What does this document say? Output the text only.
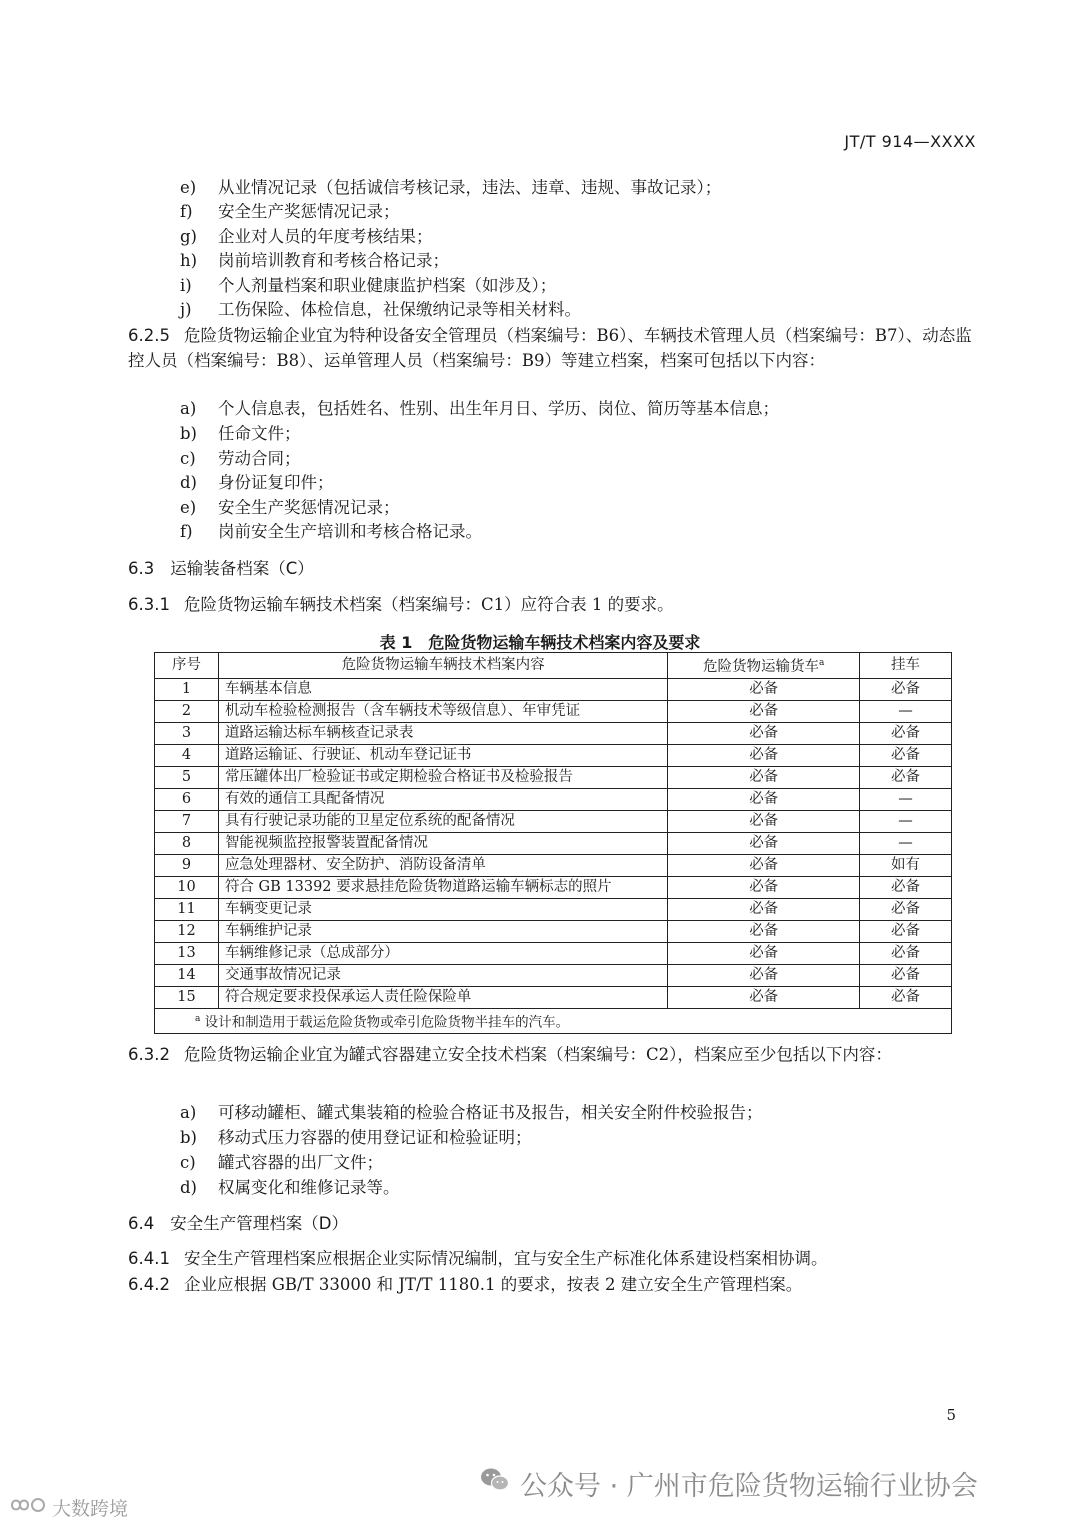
JT/T 914—XXXX
e) 从业情况记录（包括诚信考核记录，违法、违章、违规、事故记录）；
f) 安全生产奖惩情况记录；
g) 企业对人员的年度考核结果；
h) 岗前培训教育和考核合格记录；
i) 个人剂量档案和职业健康监护档案（如涉及）；
j) 工伤保险、体检信息，社保缴纳记录等相关材料。
6.2.5 危险货物运输企业宜为特种设备安全管理员（档案编号：B6）、车辆技术管理人员（档案编号：B7）、动态监控人员（档案编号：B8）、运单管理人员（档案编号：B9）等建立档案，档案可包括以下内容：
a) 个人信息表，包括姓名、性别、出生年月日、学历、岗位、简历等基本信息；
b) 任命文件；
c) 劳动合同；
d) 身份证复印件；
e) 安全生产奖惩情况记录；
f) 岗前安全生产培训和考核合格记录。
6.3 运输装备档案（C）
6.3.1 危险货物运输车辆技术档案（档案编号：C1）应符合表 1 的要求。
表 1　危险货物运输车辆技术档案内容及要求
序号	危险货物运输车辆技术档案内容	危险货物运输货车$^a$	挂车
1	车辆基本信息	必备	必备
2	机动车检验检测报告（含车辆技术等级信息）、年审凭证	必备	—
3	道路运输达标车辆核查记录表	必备	必备
4	道路运输证、行驶证、机动车登记证书	必备	必备
5	常压罐体出厂检验证书或定期检验合格证书及检验报告	必备	必备
6	有效的通信工具配备情况	必备	—
7	具有行驶记录功能的卫星定位系统的配备情况	必备	—
8	智能视频监控报警装置配备情况	必备	—
9	应急处理器材、安全防护、消防设备清单	必备	如有
10	符合 GB 13392 要求悬挂危险货物道路运输车辆标志的照片	必备	必备
11	车辆变更记录	必备	必备
12	车辆维护记录	必备	必备
13	车辆维修记录（总成部分）	必备	必备
14	交通事故情况记录	必备	必备
15	符合规定要求投保承运人责任险保险单	必备	必备
$^a$ 设计和制造用于载运危险货物或牵引危险货物半挂车的汽车。			
6.3.2 危险货物运输企业宜为罐式容器建立安全技术档案（档案编号：C2），档案应至少包括以下内容：
a) 可移动罐柜、罐式集装箱的检验合格证书及报告，相关安全附件校验报告；
b) 移动式压力容器的使用登记证和检验证明；
c) 罐式容器的出厂文件；
d) 权属变化和维修记录等。
6.4 安全生产管理档案（D）
6.4.1 安全生产管理档案应根据企业实际情况编制，宜与安全生产标准化体系建设档案相协调。
6.4.2 企业应根据 GB/T 33000 和 JT/T 1180.1 的要求，按表 2 建立安全生产管理档案。
5
公众号 · 广州市危险货物运输行业协会
大数跨境
